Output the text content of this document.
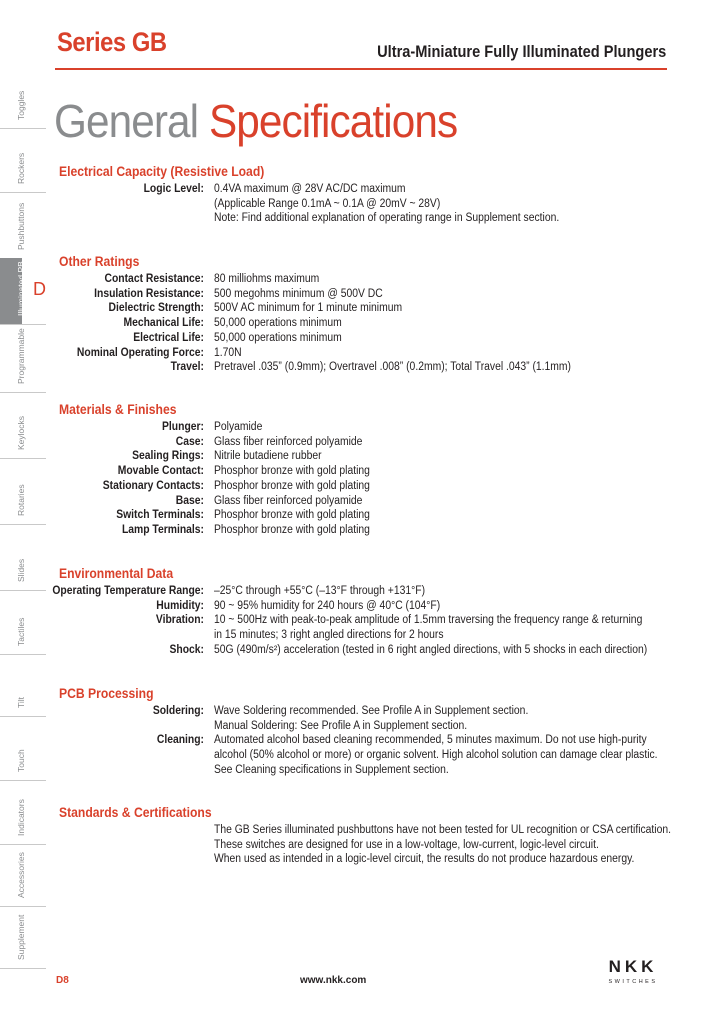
Series GB	Ultra-Miniature Fully Illuminated Plungers
General Specifications
Toggles
Rockers
Pushbuttons
Illuminated PB D
Programmable
Keylocks
Rotaries
Slides
Tactiles
Tilt
Touch
Indicators
Accessories
Supplement
Electrical Capacity (Resistive Load)
Logic Level: 0.4VA maximum @ 28V AC/DC maximum
(Applicable Range 0.1mA ~ 0.1A @ 20mV ~ 28V)
Note: Find additional explanation of operating range in Supplement section.
Other Ratings
Contact Resistance: 80 milliohms maximum
Insulation Resistance: 500 megohms minimum @ 500V DC
Dielectric Strength: 500V AC minimum for 1 minute minimum
Mechanical Life: 50,000 operations minimum
Electrical Life: 50,000 operations minimum
Nominal Operating Force: 1.70N
Travel: Pretravel .035” (0.9mm); Overtravel .008” (0.2mm); Total Travel .043” (1.1mm)
Materials & Finishes
Plunger: Polyamide
Case: Glass fiber reinforced polyamide
Sealing Rings: Nitrile butadiene rubber
Movable Contact: Phosphor bronze with gold plating
Stationary Contacts: Phosphor bronze with gold plating
Base: Glass fiber reinforced polyamide
Switch Terminals: Phosphor bronze with gold plating
Lamp Terminals: Phosphor bronze with gold plating
Environmental Data
Operating Temperature Range: –25°C through +55°C (–13°F through +131°F)
Humidity: 90 ~ 95% humidity for 240 hours @ 40°C (104°F)
Vibration: 10 ~ 500Hz with peak-to-peak amplitude of 1.5mm traversing the frequency range & returning
in 15 minutes; 3 right angled directions for 2 hours
Shock: 50G (490m/s²) acceleration (tested in 6 right angled directions, with 5 shocks in each direction)
PCB Processing
Soldering: Wave Soldering recommended. See Profile A in Supplement section.
Manual Soldering: See Profile A in Supplement section.
Cleaning: Automated alcohol based cleaning recommended, 5 minutes maximum. Do not use high-purity
alcohol (50% alcohol or more) or organic solvent. High alcohol solution can damage clear plastic.
See Cleaning specifications in Supplement section.
Standards & Certifications
The GB Series illuminated pushbuttons have not been tested for UL recognition or CSA certification.
These switches are designed for use in a low-voltage, low-current, logic-level circuit.
When used as intended in a logic-level circuit, the results do not produce hazardous energy.
D8	www.nkk.com
NKK
SWITCHES
